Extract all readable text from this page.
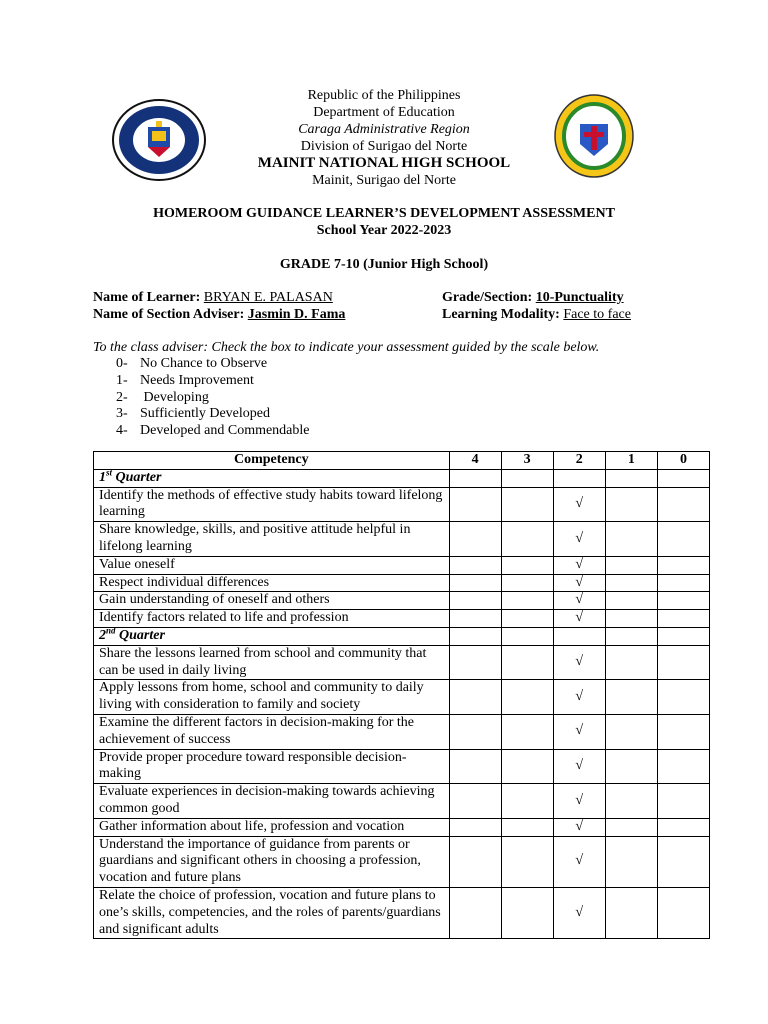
Republic of the Philippines
Department of Education
Caraga Administrative Region
Division of Surigao del Norte
MAINIT NATIONAL HIGH SCHOOL
Mainit, Surigao del Norte
HOMEROOM GUIDANCE LEARNER’S DEVELOPMENT ASSESSMENT
School Year 2022-2023
GRADE 7-10 (Junior High School)
Name of Learner: BRYAN E. PALASAN
Name of Section Adviser: Jasmin D. Fama
Grade/Section: 10-Punctuality
Learning Modality: Face to face
To the class adviser: Check the box to indicate your assessment guided by the scale below.
0- No Chance to Observe
1- Needs Improvement
2- Developing
3- Sufficiently Developed
4- Developed and Commendable
Competency	4	3	2	1	0
1st Quarter					
Identify the methods of effective study habits toward lifelong learning			√		
Share knowledge, skills, and positive attitude helpful in lifelong learning			√		
Value oneself			√		
Respect individual differences			√		
Gain understanding of oneself and others			√		
Identify factors related to life and profession			√		
2nd Quarter					
Share the lessons learned from school and community that can be used in daily living			√		
Apply lessons from home, school and community to daily living with consideration to family and society			√		
Examine the different factors in decision-making for the achievement of success			√		
Provide proper procedure toward responsible decision-making			√		
Evaluate experiences in decision-making towards achieving common good			√		
Gather information about life, profession and vocation			√		
Understand the importance of guidance from parents or guardians and significant others in choosing a profession, vocation and future plans			√		
Relate the choice of profession, vocation and future plans to one’s skills, competencies, and the roles of parents/guardians and significant adults			√		
